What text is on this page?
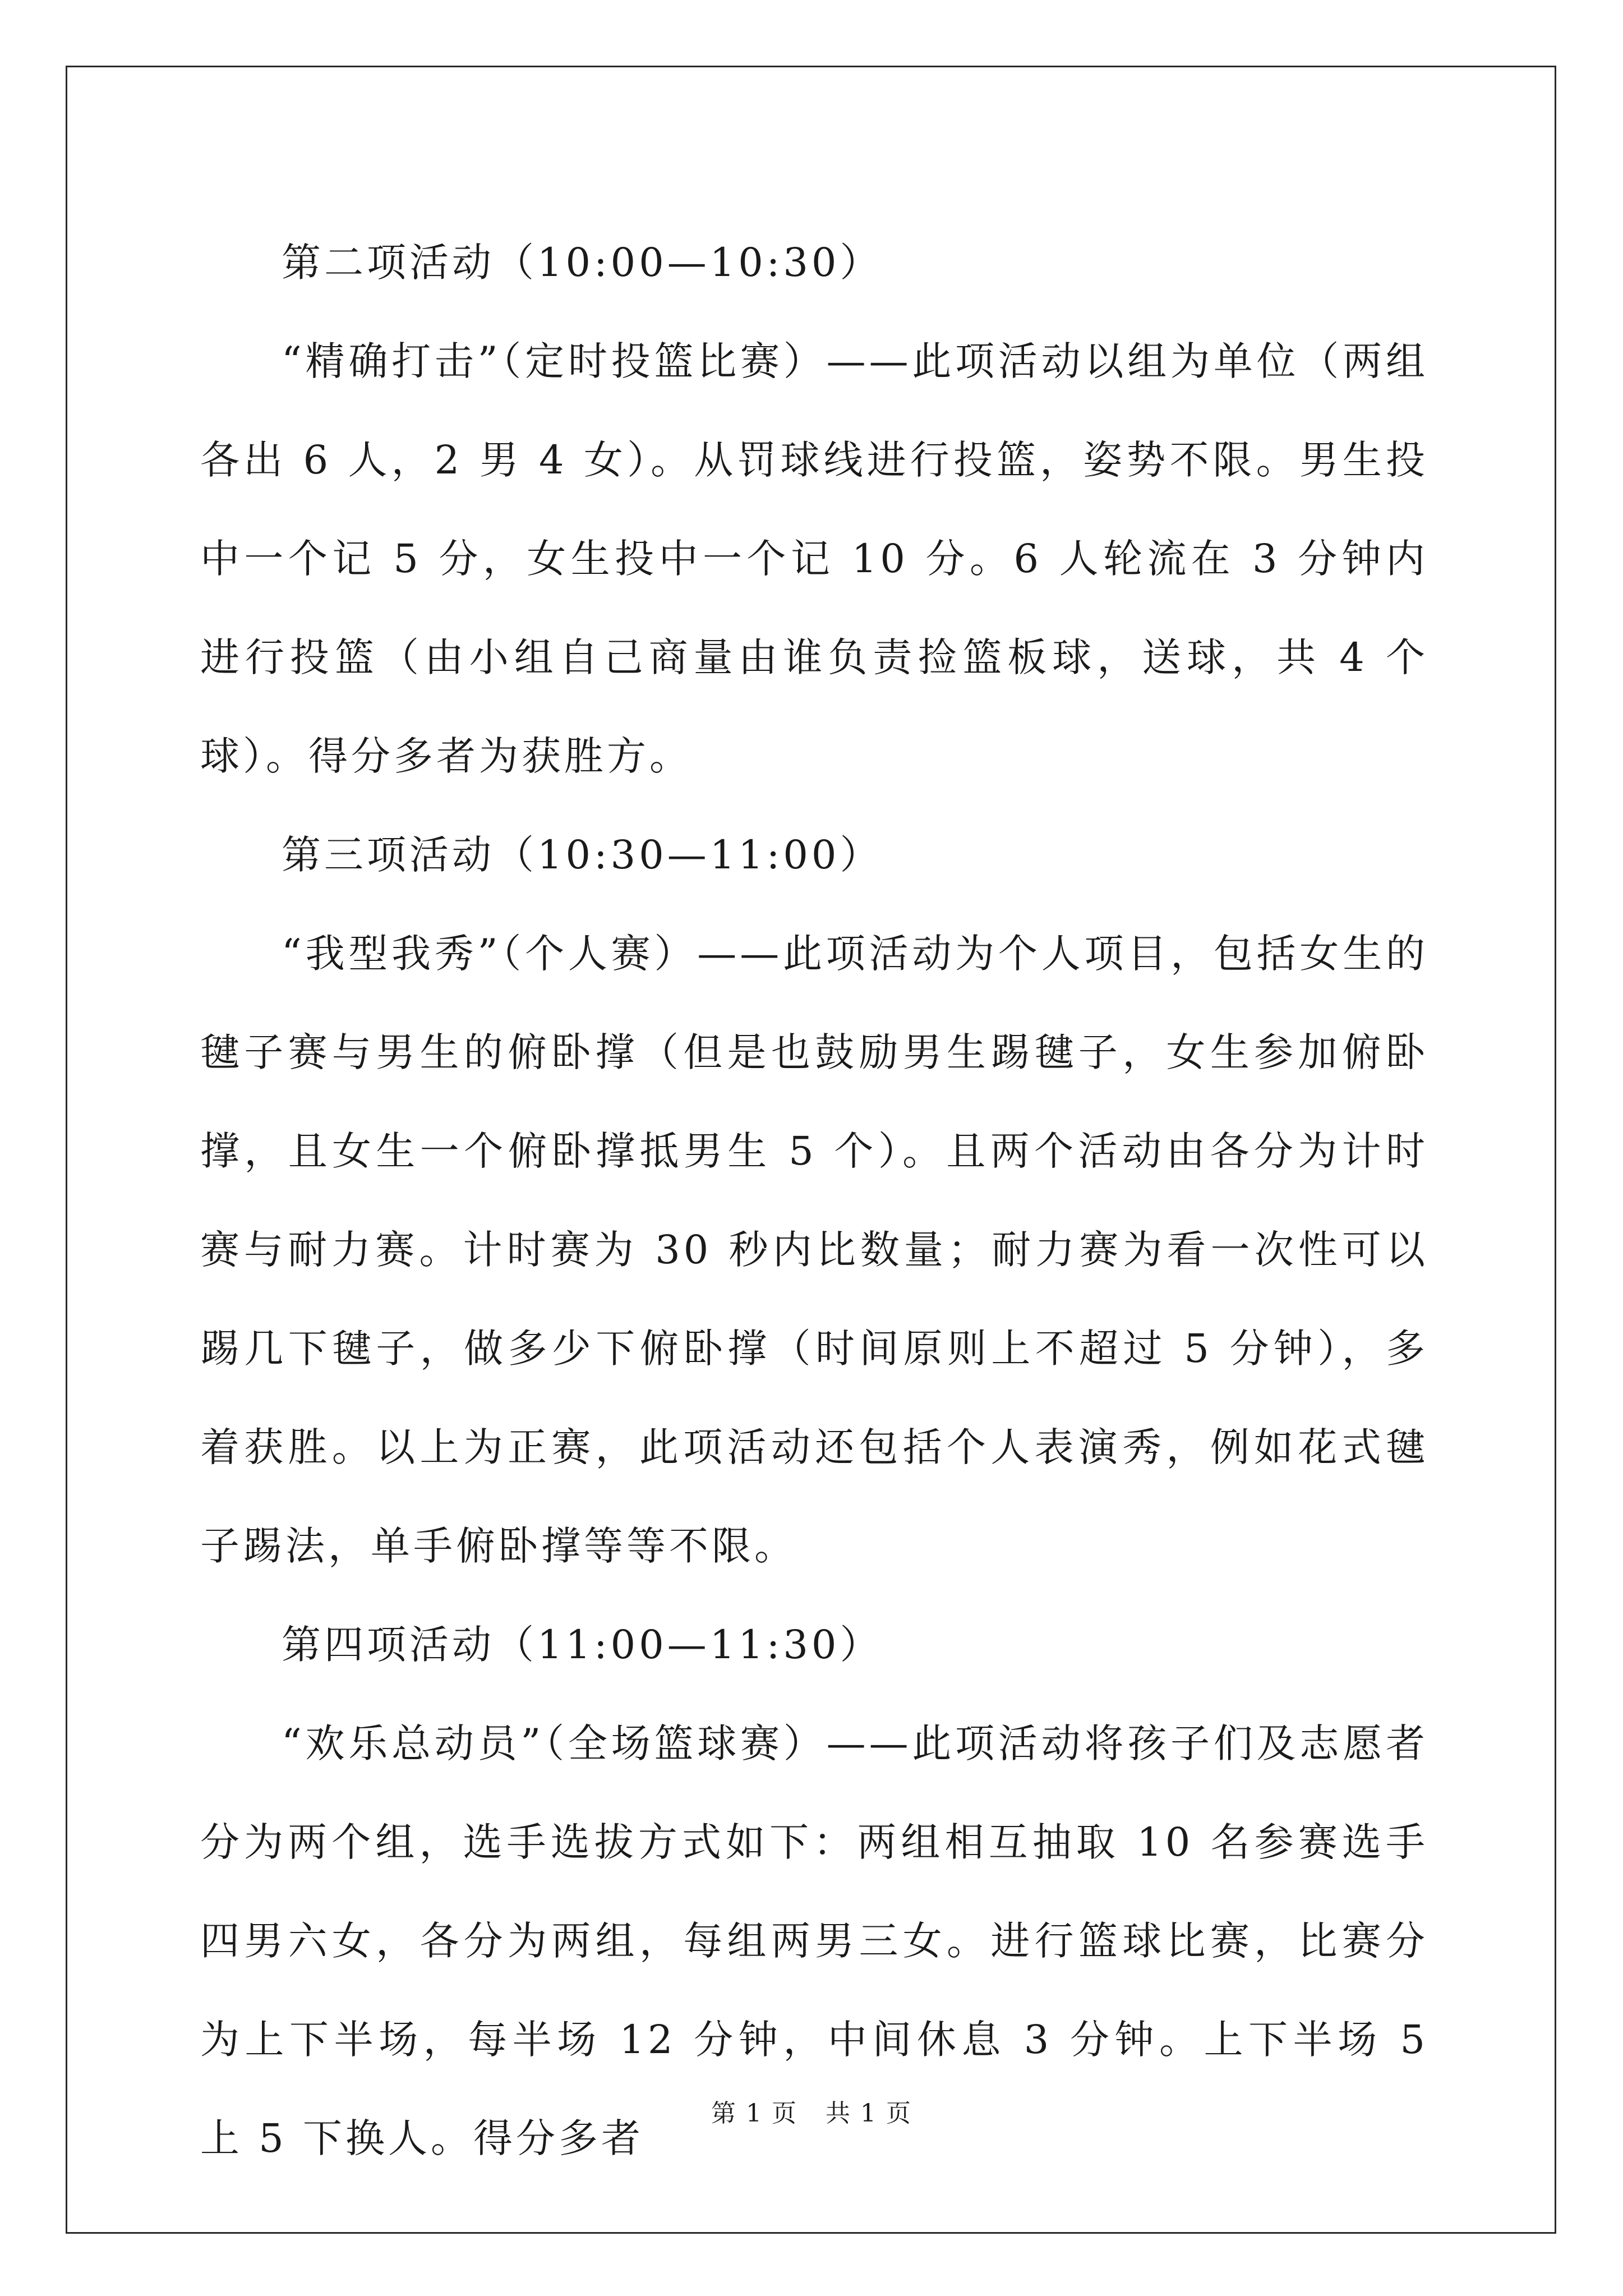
第二项活动（10:00—10:30）

“精确打击”（定时投篮比赛）——此项活动以组为单位（两组各出 6 人，2 男 4 女）。从罚球线进行投篮，姿势不限。男生投中一个记 5 分，女生投中一个记 10 分。6 人轮流在 3 分钟内进行投篮（由小组自己商量由谁负责捡篮板球，送球，共 4 个球）。得分多者为获胜方。

第三项活动（10:30—11:00）

“我型我秀”（个人赛）——此项活动为个人项目，包括女生的毽子赛与男生的俯卧撑（但是也鼓励男生踢毽子，女生参加俯卧撑，且女生一个俯卧撑抵男生 5 个）。且两个活动由各分为计时赛与耐力赛。计时赛为 30 秒内比数量；耐力赛为看一次性可以踢几下毽子，做多少下俯卧撑（时间原则上不超过 5 分钟），多着获胜。以上为正赛，此项活动还包括个人表演秀，例如花式毽子踢法，单手俯卧撑等等不限。

第四项活动（11:00—11:30）

“欢乐总动员”（全场篮球赛）——此项活动将孩子们及志愿者分为两个组，选手选拔方式如下：两组相互抽取 10 名参赛选手四男六女，各分为两组，每组两男三女。进行篮球比赛，比赛分为上下半场，每半场 12 分钟，中间休息 3 分钟。上下半场 5 上 5 下换人。得分多者

第 1 页 共 1 页
